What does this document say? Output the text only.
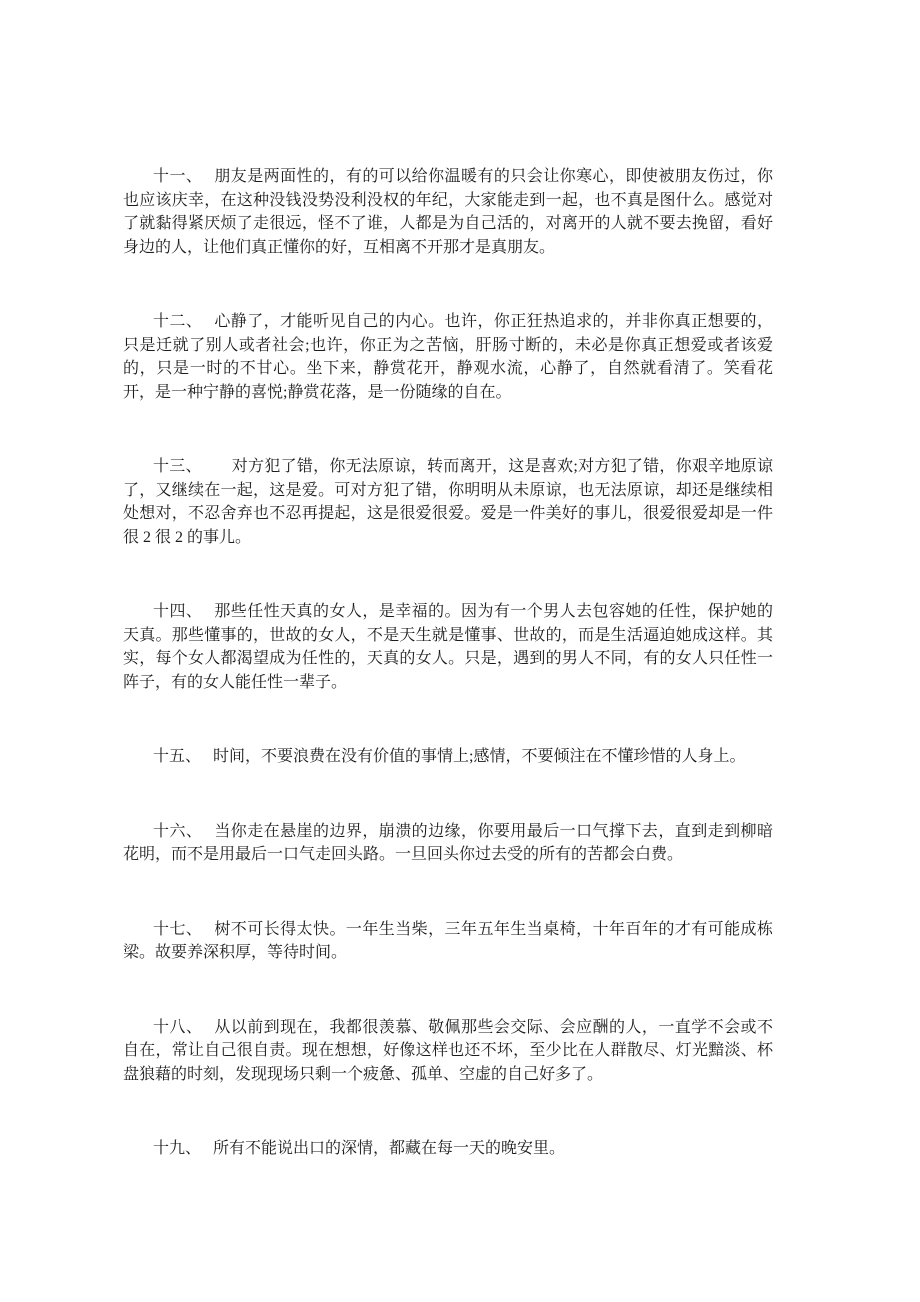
十一、 朋友是两面性的，有的可以给你温暖有的只会让你寒心，即使被朋友伤过，你也应该庆幸，在这种没钱没势没利没权的年纪，大家能走到一起，也不真是图什么。感觉对了就黏得紧厌烦了走很远，怪不了谁，人都是为自己活的，对离开的人就不要去挽留，看好身边的人，让他们真正懂你的好，互相离不开那才是真朋友。

十二、 心静了，才能听见自己的内心。也许，你正狂热追求的，并非你真正想要的，只是迁就了别人或者社会;也许，你正为之苦恼，肝肠寸断的，未必是你真正想爱或者该爱的，只是一时的不甘心。坐下来，静赏花开，静观水流，心静了，自然就看清了。笑看花开，是一种宁静的喜悦;静赏花落，是一份随缘的自在。

十三、 对方犯了错，你无法原谅，转而离开，这是喜欢;对方犯了错，你艰辛地原谅了，又继续在一起，这是爱。可对方犯了错，你明明从未原谅，也无法原谅，却还是继续相处想对，不忍舍弃也不忍再提起，这是很爱很爱。爱是一件美好的事儿，很爱很爱却是一件很 2 很 2 的事儿。

十四、 那些任性天真的女人，是幸福的。因为有一个男人去包容她的任性，保护她的天真。那些懂事的，世故的女人，不是天生就是懂事、世故的，而是生活逼迫她成这样。其实，每个女人都渴望成为任性的，天真的女人。只是，遇到的男人不同，有的女人只任性一阵子，有的女人能任性一辈子。

十五、 时间，不要浪费在没有价值的事情上;感情，不要倾注在不懂珍惜的人身上。

十六、 当你走在悬崖的边界，崩溃的边缘，你要用最后一口气撑下去，直到走到柳暗花明，而不是用最后一口气走回头路。一旦回头你过去受的所有的苦都会白费。

十七、 树不可长得太快。一年生当柴，三年五年生当桌椅，十年百年的才有可能成栋梁。故要养深积厚，等待时间。

十八、 从以前到现在，我都很羡慕、敬佩那些会交际、会应酬的人，一直学不会或不自在，常让自己很自责。现在想想，好像这样也还不坏，至少比在人群散尽、灯光黯淡、杯盘狼藉的时刻，发现现场只剩一个疲惫、孤单、空虚的自己好多了。

十九、 所有不能说出口的深情，都藏在每一天的晚安里。
